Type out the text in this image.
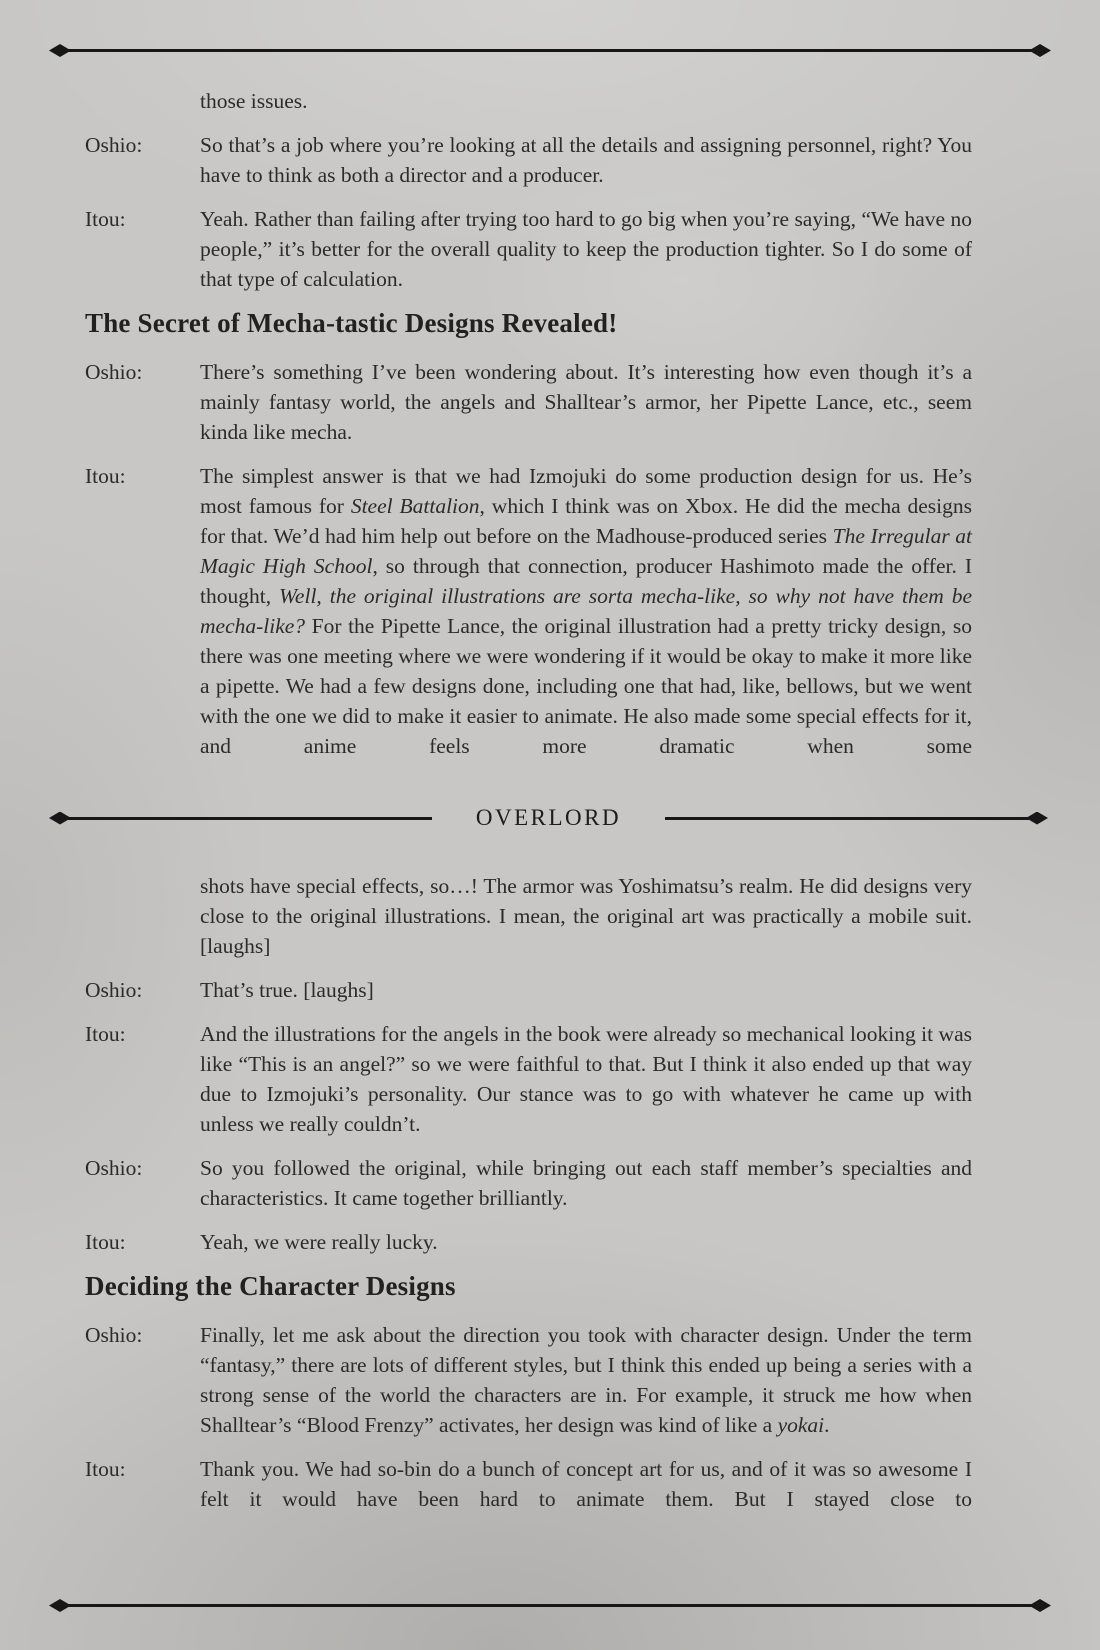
those issues.
Oshio:	So that’s a job where you’re looking at all the details and assigning personnel, right? You have to think as both a director and a producer.
Itou:	Yeah. Rather than failing after trying too hard to go big when you’re saying, “We have no people,” it’s better for the overall quality to keep the production tighter. So I do some of that type of calculation.
The Secret of Mecha-tastic Designs Revealed!
Oshio:	There’s something I’ve been wondering about. It’s interesting how even though it’s a mainly fantasy world, the angels and Shalltear’s armor, her Pipette Lance, etc., seem kinda like mecha.
Itou:	The simplest answer is that we had Izmojuki do some production design for us. He’s most famous for Steel Battalion, which I think was on Xbox. He did the mecha designs for that. We’d had him help out before on the Madhouse-produced series The Irregular at Magic High School, so through that connection, producer Hashimoto made the offer. I thought, Well, the original illustrations are sorta mecha-like, so why not have them be mecha-like? For the Pipette Lance, the original illustration had a pretty tricky design, so there was one meeting where we were wondering if it would be okay to make it more like a pipette. We had a few designs done, including one that had, like, bellows, but we went with the one we did to make it easier to animate. He also made some special effects for it, and anime feels more dramatic when some
OVERLORD
shots have special effects, so…! The armor was Yoshimatsu’s realm. He did designs very close to the original illustrations. I mean, the original art was practically a mobile suit. [laughs]
Oshio:	That’s true. [laughs]
Itou:	And the illustrations for the angels in the book were already so mechanical looking it was like “This is an angel?” so we were faithful to that. But I think it also ended up that way due to Izmojuki’s personality. Our stance was to go with whatever he came up with unless we really couldn’t.
Oshio:	So you followed the original, while bringing out each staff member’s specialties and characteristics. It came together brilliantly.
Itou:	Yeah, we were really lucky.
Deciding the Character Designs
Oshio:	Finally, let me ask about the direction you took with character design. Under the term “fantasy,” there are lots of different styles, but I think this ended up being a series with a strong sense of the world the characters are in. For example, it struck me how when Shalltear’s “Blood Frenzy” activates, her design was kind of like a yokai.
Itou:	Thank you. We had so-bin do a bunch of concept art for us, and of it was so awesome I felt it would have been hard to animate them. But I stayed close to
